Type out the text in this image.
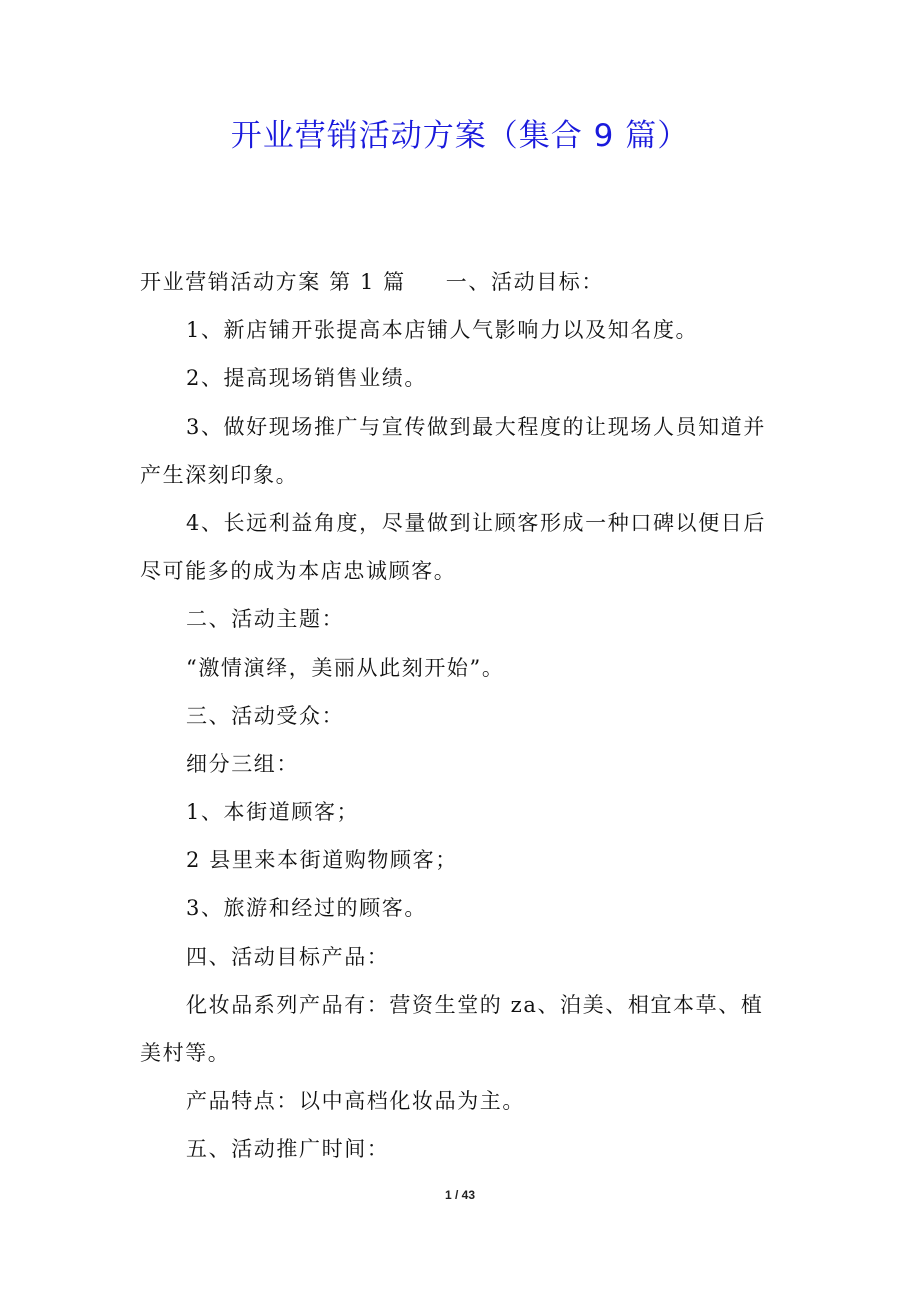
开业营销活动方案（集合 9 篇）
开业营销活动方案 第 1 篇 一、活动目标：
1、新店铺开张提高本店铺人气影响力以及知名度。
2、提高现场销售业绩。
3、做好现场推广与宣传做到最大程度的让现场人员知道并
产生深刻印象。
4、长远利益角度，尽量做到让顾客形成一种口碑以便日后
尽可能多的成为本店忠诚顾客。
二、活动主题：
“激情演绎，美丽从此刻开始”。
三、活动受众：
细分三组：
1、本街道顾客；
2 县里来本街道购物顾客；
3、旅游和经过的顾客。
四、活动目标产品：
化妆品系列产品有：营资生堂的 za、泊美、相宜本草、植
美村等。
产品特点：以中高档化妆品为主。
五、活动推广时间：
1 / 43
